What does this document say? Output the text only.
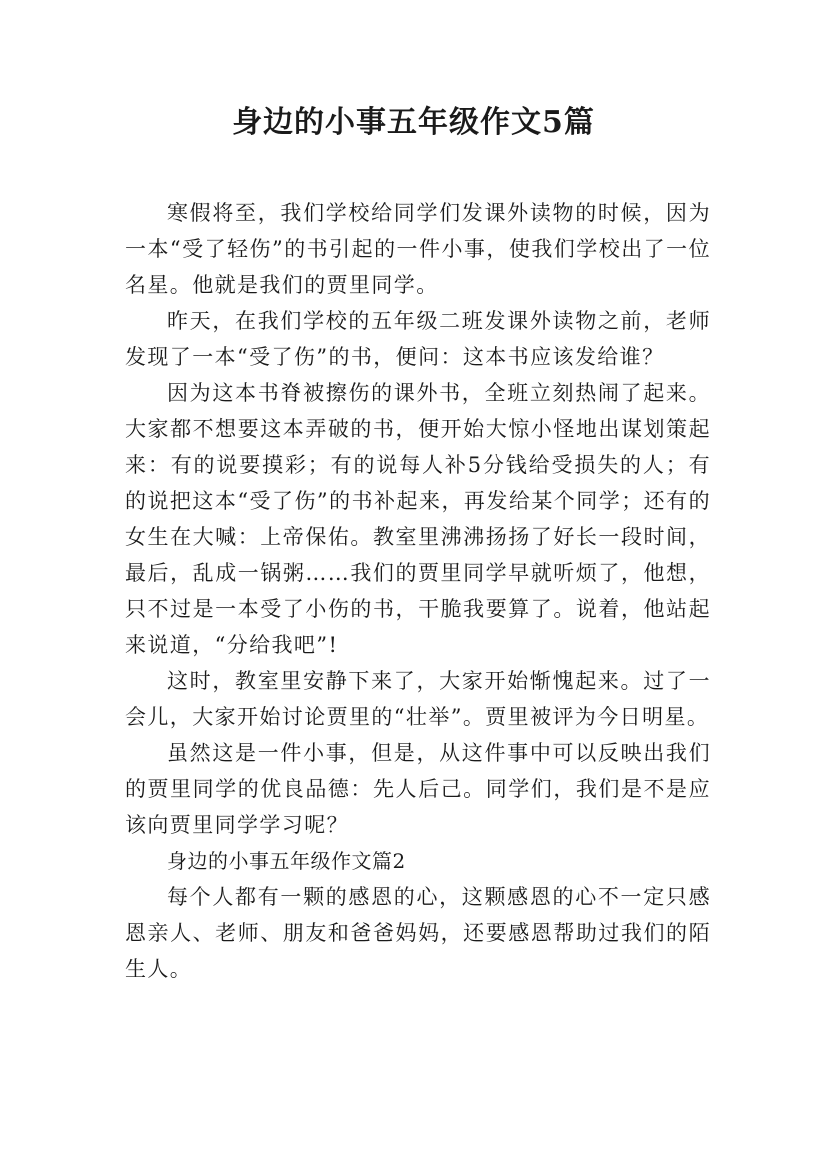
身边的小事五年级作文5篇

寒假将至，我们学校给同学们发课外读物的时候，因为一本“受了轻伤”的书引起的一件小事，使我们学校出了一位名星。他就是我们的贾里同学。

昨天，在我们学校的五年级二班发课外读物之前，老师发现了一本“受了伤”的书，便问：这本书应该发给谁？

因为这本书脊被擦伤的课外书，全班立刻热闹了起来。大家都不想要这本弄破的书，便开始大惊小怪地出谋划策起来：有的说要摸彩；有的说每人补5分钱给受损失的人；有的说把这本“受了伤”的书补起来，再发给某个同学；还有的女生在大喊：上帝保佑。教室里沸沸扬扬了好长一段时间，最后，乱成一锅粥……我们的贾里同学早就听烦了，他想，只不过是一本受了小伤的书，干脆我要算了。说着，他站起来说道，“分给我吧”!

这时，教室里安静下来了，大家开始惭愧起来。过了一会儿，大家开始讨论贾里的“壮举”。贾里被评为今日明星。

虽然这是一件小事，但是，从这件事中可以反映出我们的贾里同学的优良品德：先人后己。同学们，我们是不是应该向贾里同学学习呢？

身边的小事五年级作文篇2

每个人都有一颗的感恩的心，这颗感恩的心不一定只感恩亲人、老师、朋友和爸爸妈妈，还要感恩帮助过我们的陌生人。
